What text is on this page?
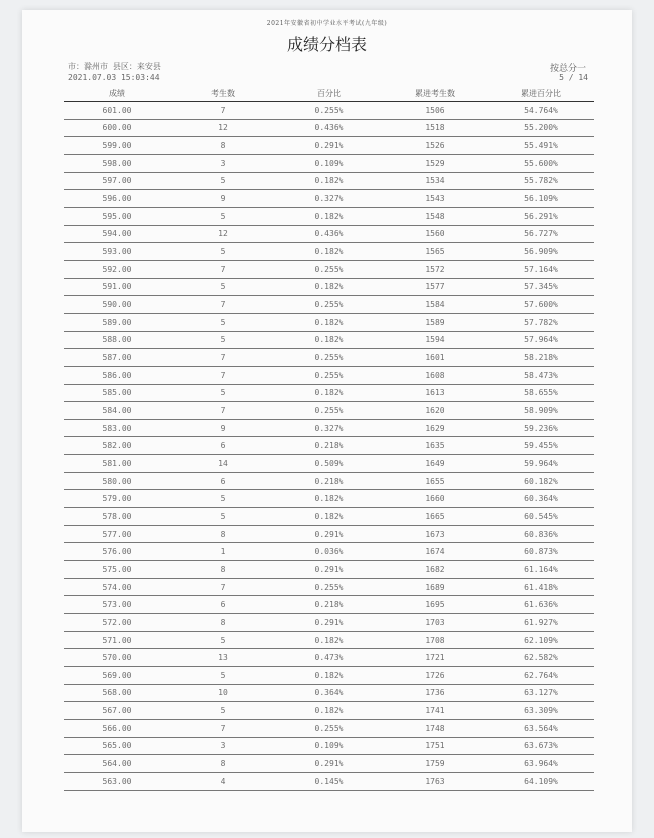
2021年安徽省初中学业水平考试(九年级)
成绩分档表
市：滁州市 县区：来安县
2021.07.03 15:03:44
按总分一
5 / 14
成绩	考生数	百分比	累进考生数	累进百分比
601.00	7	0.255%	1506	54.764%
600.00	12	0.436%	1518	55.200%
599.00	8	0.291%	1526	55.491%
598.00	3	0.109%	1529	55.600%
597.00	5	0.182%	1534	55.782%
596.00	9	0.327%	1543	56.109%
595.00	5	0.182%	1548	56.291%
594.00	12	0.436%	1560	56.727%
593.00	5	0.182%	1565	56.909%
592.00	7	0.255%	1572	57.164%
591.00	5	0.182%	1577	57.345%
590.00	7	0.255%	1584	57.600%
589.00	5	0.182%	1589	57.782%
588.00	5	0.182%	1594	57.964%
587.00	7	0.255%	1601	58.218%
586.00	7	0.255%	1608	58.473%
585.00	5	0.182%	1613	58.655%
584.00	7	0.255%	1620	58.909%
583.00	9	0.327%	1629	59.236%
582.00	6	0.218%	1635	59.455%
581.00	14	0.509%	1649	59.964%
580.00	6	0.218%	1655	60.182%
579.00	5	0.182%	1660	60.364%
578.00	5	0.182%	1665	60.545%
577.00	8	0.291%	1673	60.836%
576.00	1	0.036%	1674	60.873%
575.00	8	0.291%	1682	61.164%
574.00	7	0.255%	1689	61.418%
573.00	6	0.218%	1695	61.636%
572.00	8	0.291%	1703	61.927%
571.00	5	0.182%	1708	62.109%
570.00	13	0.473%	1721	62.582%
569.00	5	0.182%	1726	62.764%
568.00	10	0.364%	1736	63.127%
567.00	5	0.182%	1741	63.309%
566.00	7	0.255%	1748	63.564%
565.00	3	0.109%	1751	63.673%
564.00	8	0.291%	1759	63.964%
563.00	4	0.145%	1763	64.109%
